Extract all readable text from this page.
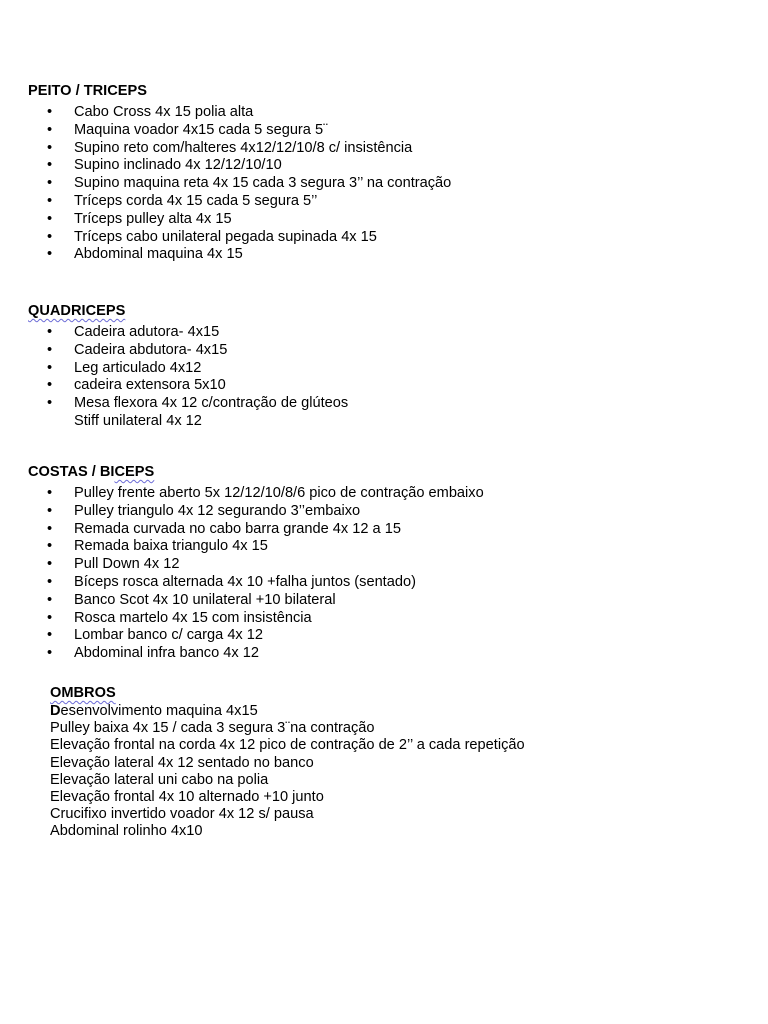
PEITO / TRICEPS
• Cabo Cross 4x 15 polia alta
• Maquina voador 4x15 cada 5 segura 5¨
• Supino reto com/halteres 4x12/12/10/8 c/ insistência
• Supino inclinado 4x 12/12/10/10
• Supino maquina reta 4x 15 cada 3 segura 3’’ na contração
• Tríceps corda 4x 15 cada 5 segura 5’’
• Tríceps pulley alta 4x 15
• Tríceps cabo unilateral pegada supinada 4x 15
• Abdominal maquina 4x 15
QUADRICEPS
• Cadeira adutora- 4x15
• Cadeira abdutora- 4x15
• Leg articulado 4x12
• cadeira extensora 5x10
• Mesa flexora 4x 12 c/contração de glúteos
Stiff unilateral 4x 12
COSTAS / BICEPS
• Pulley frente aberto 5x 12/12/10/8/6 pico de contração embaixo
• Pulley triangulo 4x 12 segurando 3’’embaixo
• Remada curvada no cabo barra grande 4x 12 a 15
• Remada baixa triangulo 4x 15
• Pull Down 4x 12
• Bíceps rosca alternada 4x 10 +falha juntos (sentado)
• Banco Scot 4x 10 unilateral +10 bilateral
• Rosca martelo 4x 15 com insistência
• Lombar banco c/ carga 4x 12
• Abdominal infra banco 4x 12
OMBROS
Desenvolvimento maquina 4x15
Pulley baixa 4x 15 / cada 3 segura 3¨na contração
Elevação frontal na corda 4x 12 pico de contração de 2’’ a cada repetição
Elevação lateral 4x 12 sentado no banco
Elevação lateral uni cabo na polia
Elevação frontal 4x 10 alternado +10 junto
Crucifixo invertido voador 4x 12 s/ pausa
Abdominal rolinho 4x10
